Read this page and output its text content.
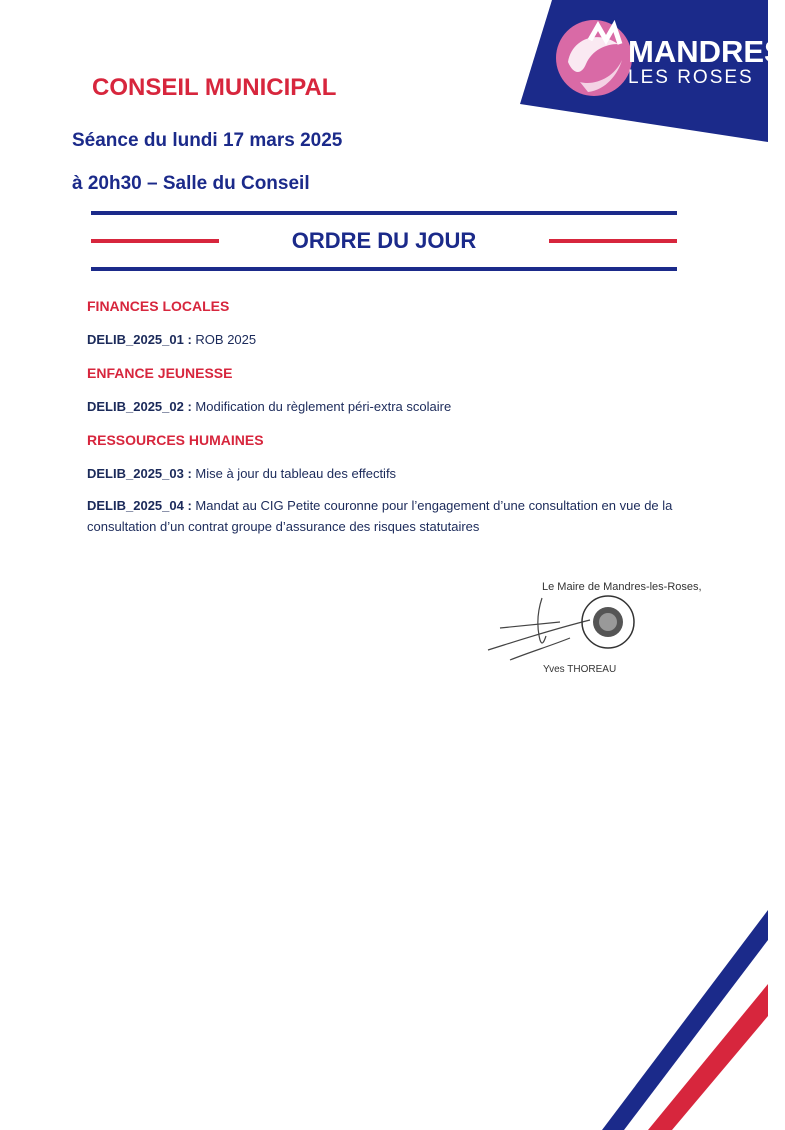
MANDRES
LES ROSES
CONSEIL MUNICIPAL
Séance du lundi 17 mars 2025
à 20h30 – Salle du Conseil
ORDRE DU JOUR
FINANCES LOCALES
DELIB_2025_01 : ROB 2025
ENFANCE JEUNESSE
DELIB_2025_02 : Modification du règlement péri-extra scolaire
RESSOURCES HUMAINES
DELIB_2025_03 : Mise à jour du tableau des effectifs
DELIB_2025_04 : Mandat au CIG Petite couronne pour l’engagement d’une consultation en vue de la consultation d’un contrat groupe d’assurance des risques statutaires
Le Maire de Mandres-les-Roses,
Yves THOREAU
